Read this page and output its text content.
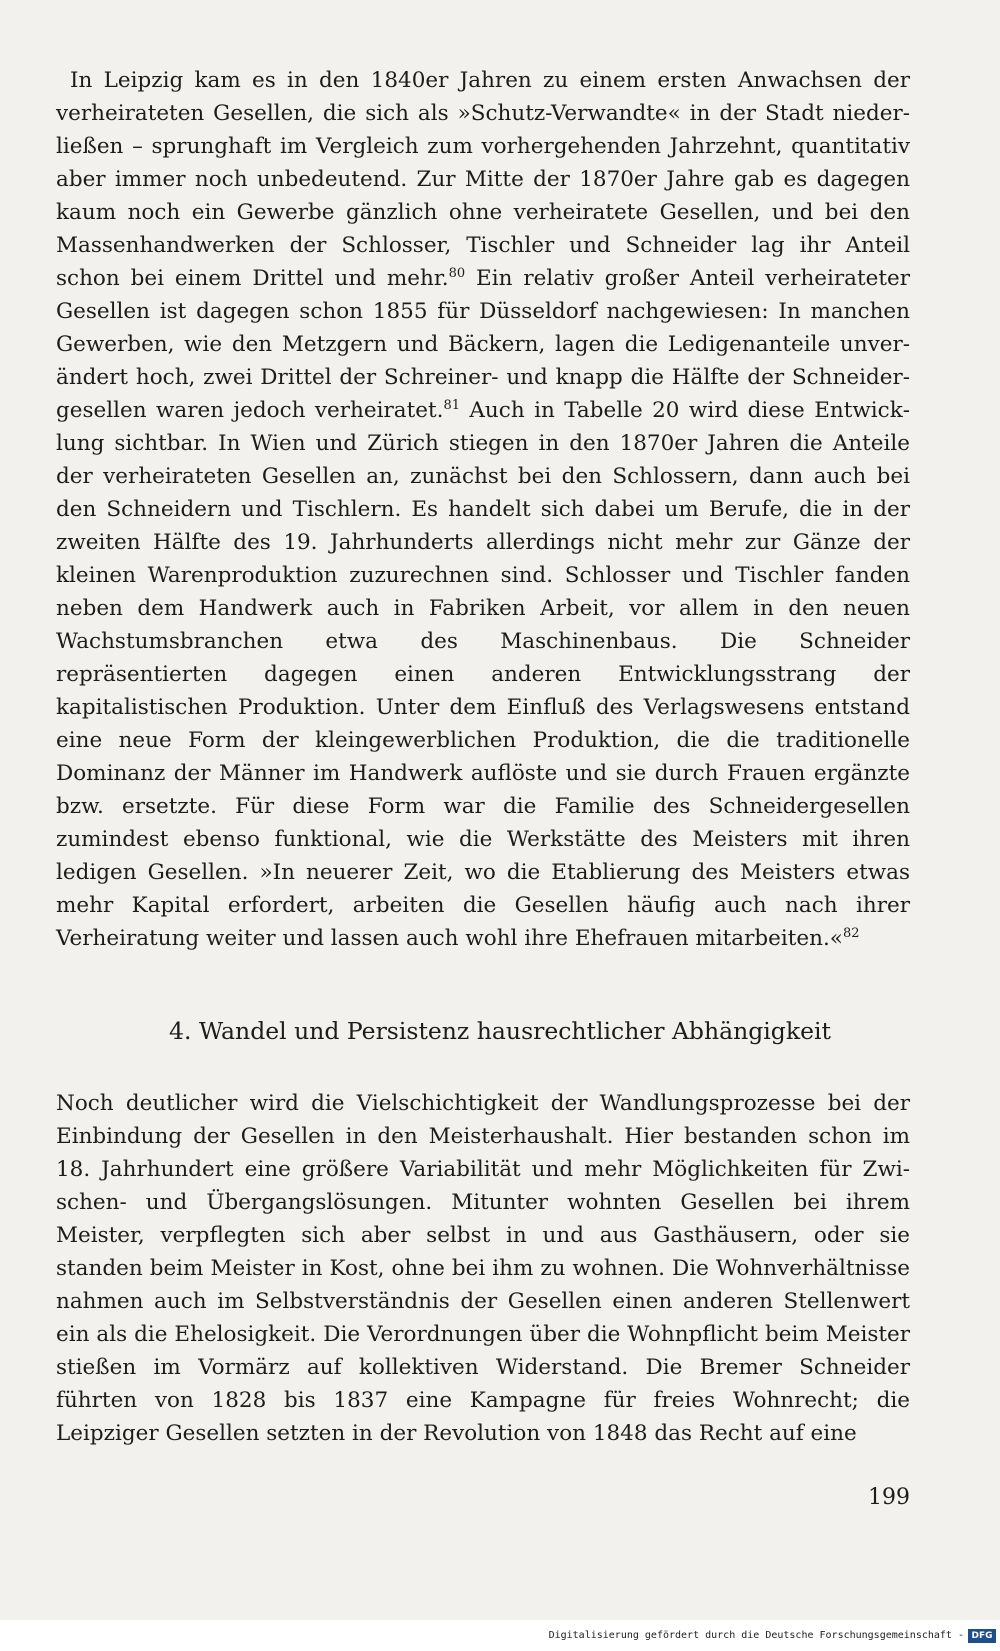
In Leipzig kam es in den 1840er Jahren zu einem ersten Anwachsen der verheirateten Gesellen, die sich als »Schutz-Verwandte« in der Stadt niederließen – sprunghaft im Vergleich zum vorhergehenden Jahrzehnt, quantitativ aber immer noch unbedeutend. Zur Mitte der 1870er Jahre gab es dagegen kaum noch ein Gewerbe gänzlich ohne verheiratete Gesellen, und bei den Massenhandwerken der Schlosser, Tischler und Schneider lag ihr Anteil schon bei einem Drittel und mehr.$^{80}$ Ein relativ großer Anteil verheirateter Gesellen ist dagegen schon 1855 für Düsseldorf nachgewiesen: In manchen Gewerben, wie den Metzgern und Bäckern, lagen die Ledigenanteile unverändert hoch, zwei Drittel der Schreiner- und knapp die Hälfte der Schneidergesellen waren jedoch verheiratet.$^{81}$ Auch in Tabelle 20 wird diese Entwicklung sichtbar. In Wien und Zürich stiegen in den 1870er Jahren die Anteile der verheirateten Gesellen an, zunächst bei den Schlossern, dann auch bei den Schneidern und Tischlern. Es handelt sich dabei um Berufe, die in der zweiten Hälfte des 19. Jahrhunderts allerdings nicht mehr zur Gänze der kleinen Warenproduktion zuzurechnen sind. Schlosser und Tischler fanden neben dem Handwerk auch in Fabriken Arbeit, vor allem in den neuen Wachstumsbranchen etwa des Maschinenbaus. Die Schneider repräsentierten dagegen einen anderen Entwicklungsstrang der kapitalistischen Produktion. Unter dem Einfluß des Verlagswesens entstand eine neue Form der kleingewerblichen Produktion, die die traditionelle Dominanz der Männer im Handwerk auflöste und sie durch Frauen ergänzte bzw. ersetzte. Für diese Form war die Familie des Schneidergesellen zumindest ebenso funktional, wie die Werkstätte des Meisters mit ihren ledigen Gesellen. »In neuerer Zeit, wo die Etablierung des Meisters etwas mehr Kapital erfordert, arbeiten die Gesellen häufig auch nach ihrer Verheiratung weiter und lassen auch wohl ihre Ehefrauen mitarbeiten.«$^{82}$

4. Wandel und Persistenz hausrechtlicher Abhängigkeit

Noch deutlicher wird die Vielschichtigkeit der Wandlungsprozesse bei der Einbindung der Gesellen in den Meisterhaushalt. Hier bestanden schon im 18. Jahrhundert eine größere Variabilität und mehr Möglichkeiten für Zwischen- und Übergangslösungen. Mitunter wohnten Gesellen bei ihrem Meister, verpflegten sich aber selbst in und aus Gasthäusern, oder sie standen beim Meister in Kost, ohne bei ihm zu wohnen. Die Wohnverhältnisse nahmen auch im Selbstverständnis der Gesellen einen anderen Stellenwert ein als die Ehelosigkeit. Die Verordnungen über die Wohnpflicht beim Meister stießen im Vormärz auf kollektiven Widerstand. Die Bremer Schneider führten von 1828 bis 1837 eine Kampagne für freies Wohnrecht; die Leipziger Gesellen setzten in der Revolution von 1848 das Recht auf eine

199
Digitalisierung gefördert durch die Deutsche Forschungsgemeinschaft - DFG
